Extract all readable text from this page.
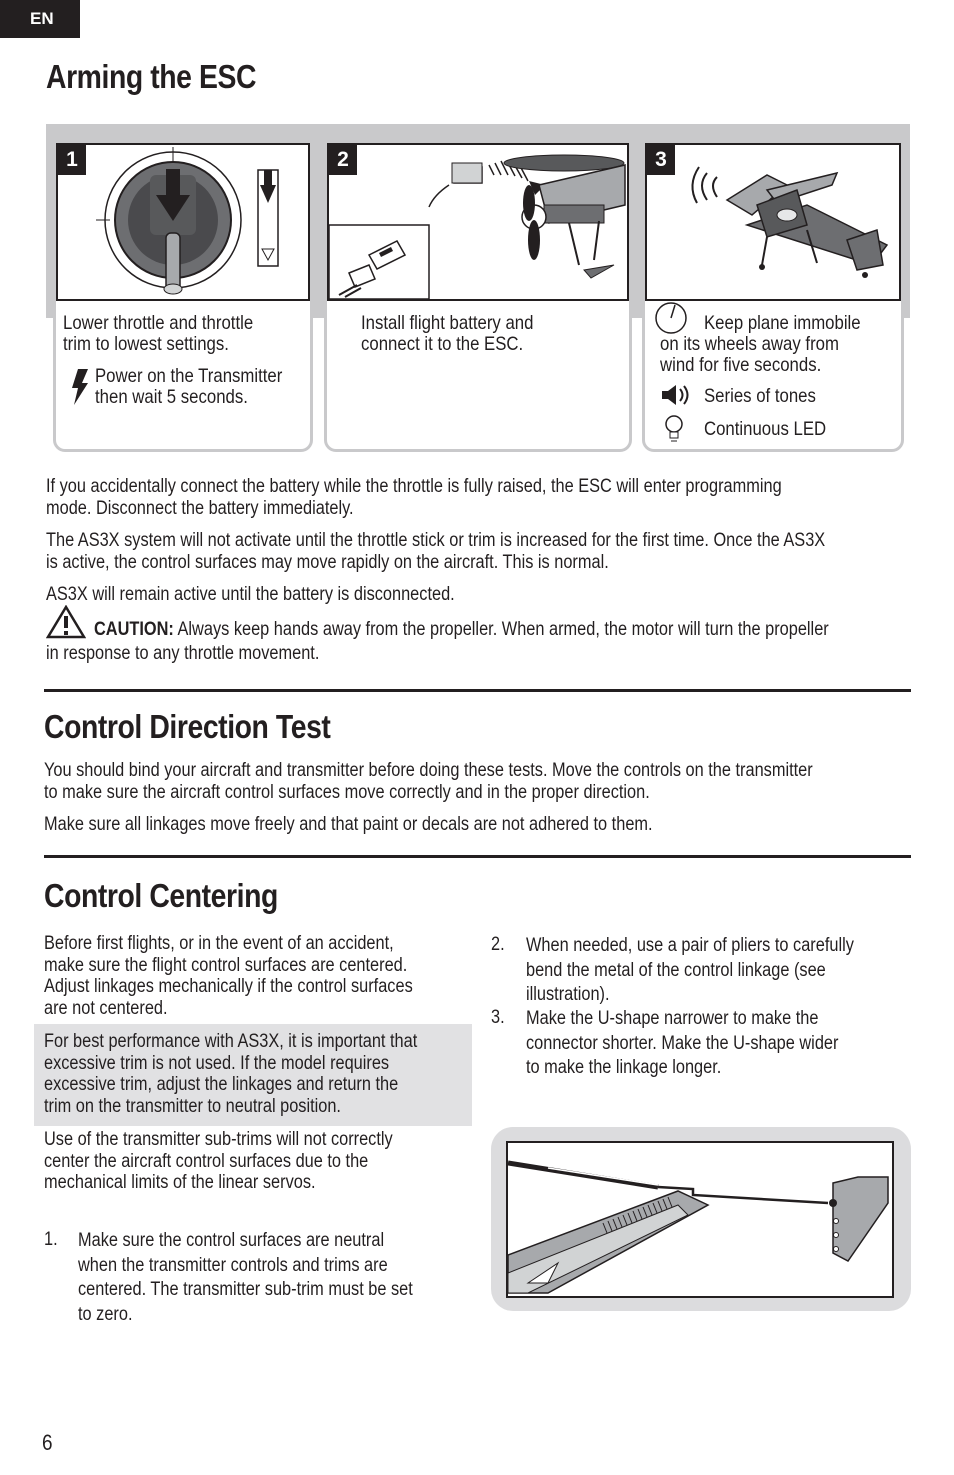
EN
Arming the ESC
1
Lower throttle and throttle
trim to lowest settings.
Power on the Transmitter
then wait 5 seconds.
2
Install flight battery and
connect it to the ESC.
3
Keep plane immobile
on its wheels away from
wind for five seconds.
Series of tones
Continuous LED
If you accidentally connect the battery while the throttle is fully raised, the ESC will enter programming
mode. Disconnect the battery immediately.
The AS3X system will not activate until the throttle stick or trim is increased for the first time. Once the AS3X
is active, the control surfaces may move rapidly on the aircraft. This is normal.
AS3X will remain active until the battery is disconnected.
CAUTION: Always keep hands away from the propeller. When armed, the motor will turn the propeller
in response to any throttle movement.
Control Direction Test
You should bind your aircraft and transmitter before doing these tests. Move the controls on the transmitter
to make sure the aircraft control surfaces move correctly and in the proper direction.
Make sure all linkages move freely and that paint or decals are not adhered to them.
Control Centering
Before first flights, or in the event of an accident,
make sure the flight control surfaces are centered.
Adjust linkages mechanically if the control surfaces
are not centered.
For best performance with AS3X, it is important that
excessive trim is not used. If the model requires
excessive trim, adjust the linkages and return the
trim on the transmitter to neutral position.
Use of the transmitter sub-trims will not correctly
center the aircraft control surfaces due to the
mechanical limits of the linear servos.
1. Make sure the control surfaces are neutral
when the transmitter controls and trims are
centered. The transmitter sub-trim must be set
to zero.
2. When needed, use a pair of pliers to carefully
bend the metal of the control linkage (see
illustration).
3. Make the U-shape narrower to make the
connector shorter. Make the U-shape wider
to make the linkage longer.
6
